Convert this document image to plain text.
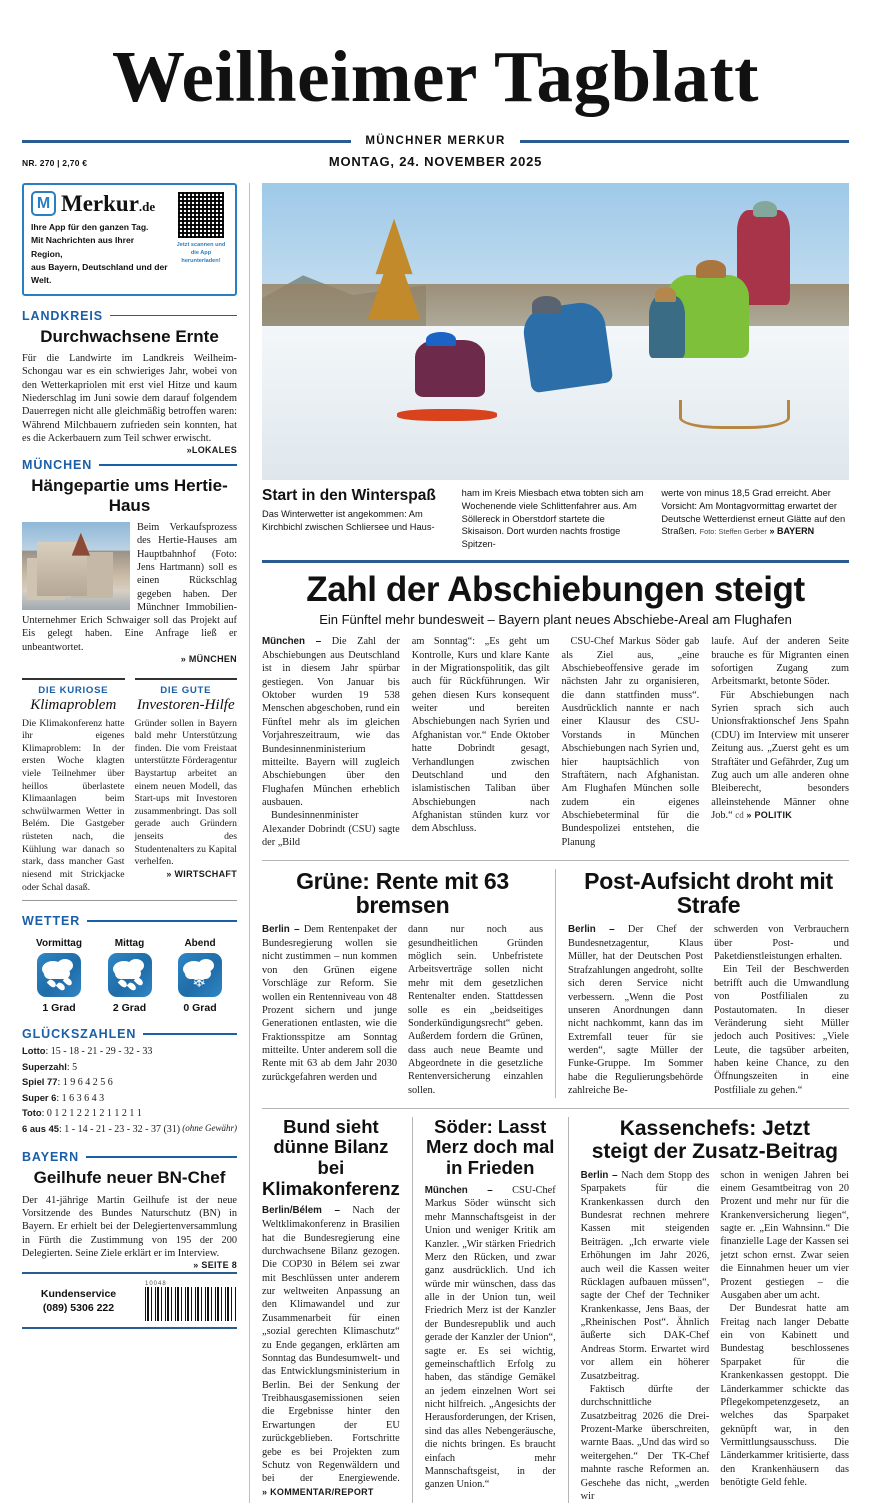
Weilheimer Tagblatt
MÜNCHNER MERKUR
NR. 270 | 2,70 €	MONTAG, 24. NOVEMBER 2025
M Merkur.de
Ihre App für den ganzen Tag.
Mit Nachrichten aus Ihrer Region,
aus Bayern, Deutschland und der Welt.
Jetzt scannen und die App herunterladen!
LANDKREIS
Durchwachsene Ernte

Für die Landwirte im Landkreis Weilheim-Schongau war es ein schwieriges Jahr, wobei von den Wetterkapriolen mit erst viel Hitze und kaum Niederschlag im Juni sowie dem darauf folgendem Dauerregen nicht alle gleichmäßig betroffen waren: Während Milchbauern zufrieden sein konnten, hat es die Ackerbauern zum Teil schwer erwischt.

»LOKALES
MÜNCHEN
Hängepartie ums Hertie-Haus

Beim Verkaufsprozess des Hertie-Hauses am Hauptbahnhof (Foto: Jens Hartmann) soll es einen Rückschlag gegeben haben. Der Münchner Immobilien-Unternehmer Erich Schwaiger soll das Projekt auf Eis gelegt haben. Eine Anfrage ließ er unbeantwortet.

» MÜNCHEN
DIE KURIOSE
Klimaproblem
Die Klimakonferenz hatte ihr eigenes Klimaproblem: In der ersten Woche klagten viele Teilnehmer über heillos überlastete Klimaanlagen beim schwülwarmen Wetter in Belém. Die Gastgeber rüsteten nach, die Kühlung war danach so stark, dass mancher Gast niesend mit Strickjacke oder Schal dasaß.
DIE GUTE
Investoren-Hilfe
Gründer sollen in Bayern bald mehr Unterstützung finden. Die vom Freistaat unterstützte Förderagentur Baystartup arbeitet an einem neuen Modell, das Start-ups mit Investoren zusammenbringt. Das soll gerade auch Gründern jenseits des Studentenalters zu Kapital verhelfen.
» WIRTSCHAFT
WETTER
Vormittag
1 Grad
Mittag
2 Grad
Abend
❄
0 Grad
GLÜCKSZAHLEN
Lotto: 15 - 18 - 21 - 29 - 32 - 33
Superzahl: 5
Spiel 77: 1 9 6 4 2 5 6
Super 6: 1 6 3 6 4 3
Toto: 0 1 2 1 2 2 1 2 1 1 2 1 1
(ohne Gewähr)
6 aus 45: 1 - 14 - 21 - 23 - 32 - 37 (31)
BAYERN
Geilhufe neuer BN-Chef

Der 41-jährige Martin Geilhufe ist der neue Vorsitzende des Bundes Naturschutz (BN) in Bayern. Er erhielt bei der Delegiertenversammlung in Fürth die Zustimmung von 195 der 200 Delegierten. Seine Ziele erklärt er im Interview.

» SEITE 8
Kundenservice
(089) 5306 222
10048
Start in den Winterspaß
Das Winterwetter ist angekommen: Am Kirchbichl zwischen Schliersee und Haus-
ham im Kreis Miesbach etwa tobten sich am Wochenende viele Schlittenfahrer aus. Am Söllereck in Oberstdorf startete die Skisaison. Dort wurden nachts frostige Spitzen-
werte von minus 18,5 Grad erreicht. Aber Vorsicht: Am Montagvormittag erwartet der Deutsche Wetterdienst erneut Glätte auf den Straßen. Foto: Steffen Gerber » BAYERN
Zahl der Abschiebungen steigt
Ein Fünftel mehr bundesweit – Bayern plant neues Abschiebe-Areal am Flughafen

München – Die Zahl der Abschiebungen aus Deutschland ist in diesem Jahr spürbar gestiegen. Von Januar bis Oktober wurden 19 538 Menschen abgeschoben, rund ein Fünftel mehr als im gleichen Vorjahreszeitraum, wie das Bundesinnenministerium mitteilte. Bayern will zugleich Abschiebungen über den Flughafen München erheblich ausbauen.

Bundesinnenminister Alexander Dobrindt (CSU) sagte der „Bild

am Sonntag“: „Es geht um Kontrolle, Kurs und klare Kante in der Migrationspolitik, das gilt auch für Rückführungen. Wir gehen diesen Kurs konsequent weiter und bereiten Abschiebungen nach Syrien und Afghanistan vor.“ Ende Oktober hatte Dobrindt gesagt, Verhandlungen zwischen Deutschland und den islamistischen Taliban über Abschiebungen nach Afghanistan stünden kurz vor dem Abschluss.

CSU-Chef Markus Söder gab als Ziel aus, „eine Abschiebeoffensive gerade im nächsten Jahr zu organisieren, die dann stattfinden muss“. Ausdrücklich nannte er nach einer Klausur des CSU-Vorstands in München Abschiebungen nach Syrien und, hier hauptsächlich von Straftätern, nach Afghanistan. Am Flughafen München solle zudem ein eigenes Abschiebeterminal für die Bundespolizei entstehen, die Planung

laufe. Auf der anderen Seite brauche es für Migranten einen sofortigen Zugang zum Arbeitsmarkt, betonte Söder.

Für Abschiebungen nach Syrien sprach sich auch Unionsfraktionschef Jens Spahn (CDU) im Interview mit unserer Zeitung aus. „Zuerst geht es um Straftäter und Gefährder, Zug um Zug auch um alle anderen ohne Bleiberecht, besonders alleinstehende Männer ohne Job.“ cd » POLITIK

Grüne: Rente mit 63 bremsen

Berlin – Dem Rentenpaket der Bundesregierung wollen sie nicht zustimmen – nun kommen von den Grünen eigene Vorschläge zur Reform. Sie wollen ein Rentenniveau von 48 Prozent sichern und junge Generationen entlasten, wie die Fraktionsspitze am Sonntag mitteilte. Unter anderem soll die Rente mit 63 ab dem Jahr 2030 zurückgefahren werden und

dann nur noch aus gesundheitlichen Gründen möglich sein. Unbefristete Arbeitsverträge sollen nicht mehr mit dem gesetzlichen Rentenalter enden. Stattdessen solle es ein „beidseitiges Sonderkündigungsrecht“ geben. Außerdem fordern die Grünen, dass auch neue Beamte und Abgeordnete in die gesetzliche Rentenversicherung einzahlen sollen.

Post-Aufsicht droht mit Strafe

Berlin – Der Chef der Bundesnetzagentur, Klaus Müller, hat der Deutschen Post Strafzahlungen angedroht, sollte sich deren Service nicht verbessern. „Wenn die Post unseren Anordnungen dann nicht nachkommt, kann das im Extremfall teuer für sie werden“, sagte Müller der Funke-Gruppe. Im Sommer habe die Regulierungsbehörde zahlreiche Be-

schwerden von Verbrauchern über Post- und Paketdienstleistungen erhalten.

Ein Teil der Beschwerden betrifft auch die Umwandlung von Postfilialen zu Postautomaten. In dieser Veränderung sieht Müller jedoch auch Positives: „Viele Leute, die tagsüber arbeiten, haben keine Chance, zu den Öffnungszeiten in eine Postfiliale zu gehen.“

Bund sieht
dünne Bilanz bei
Klimakonferenz

Berlin/Bélem – Nach der Weltklimakonferenz in Brasilien hat die Bundesregierung eine durchwachsene Bilanz gezogen. Die COP30 in Bélem sei zwar mit Beschlüssen unter anderem zur weltweiten Anpassung an den Klimawandel und zur Zusammenarbeit für einen „sozial gerechten Klimaschutz“ zu Ende gegangen, erklärten am Sonntag das Bundesumwelt- und das Entwicklungsministerium in Berlin. Bei der Senkung der Treibhausgasemissionen seien die Ergebnisse hinter den Erwartungen der EU zurückgeblieben. Fortschritte gebe es bei Projekten zum Schutz von Regenwäldern und bei der Energiewende. » KOMMENTAR/REPORT

Söder: Lasst
Merz doch mal
in Frieden

München – CSU-Chef Markus Söder wünscht sich mehr Mannschaftsgeist in der Union und weniger Kritik am Kanzler. „Wir stärken Friedrich Merz den Rücken, und zwar ganz ausdrücklich. Und ich würde mir wünschen, dass das alle in der Union tun, weil Friedrich Merz ist der Kanzler der Bundesrepublik und auch gerade der Kanzler der Union“, sagte er. Es sei wichtig, gemeinschaftlich Erfolg zu haben, das ständige Gemäkel an jedem einzelnen Wort sei nicht hilfreich. „Angesichts der Herausforderungen, der Krisen, sind das alles Nebengeräusche, die nichts bringen. Es braucht einfach mehr Mannschaftsgeist, in der ganzen Union.“

Kassenchefs: Jetzt
steigt der Zusatz-Beitrag

Berlin – Nach dem Stopp des Sparpakets für die Krankenkassen durch den Bundesrat rechnen mehrere Kassen mit steigenden Beiträgen. „Ich erwarte viele Erhöhungen im Jahr 2026, auch weil die Kassen weiter Rücklagen aufbauen müssen“, sagte der Chef der Techniker Krankenkasse, Jens Baas, der „Rheinischen Post“. Ähnlich äußerte sich DAK-Chef Andreas Storm. Erwartet wird vor allem ein höherer Zusatzbeitrag.

Faktisch dürfte der durchschnittliche Zusatzbeitrag 2026 die Drei-Prozent-Marke überschreiten, warnte Baas. „Und das wird so weitergehen.“ Der TK-Chef mahnte rasche Reformen an. Geschehe das nicht, „werden wir

schon in wenigen Jahren bei einem Gesamtbeitrag von 20 Prozent und mehr nur für die Krankenversicherung liegen“, sagte er. „Ein Wahnsinn.“ Die finanzielle Lage der Kassen sei jetzt schon ernst. Zwar seien die Einnahmen heuer um vier Prozent gestiegen – die Ausgaben aber um acht.

Der Bundesrat hatte am Freitag nach langer Debatte ein von Kabinett und Bundestag beschlossenes Sparpaket für die Krankenkassen gestoppt. Die Länderkammer schickte das Pflegekompetenzgesetz, an welches das Sparpaket geknüpft war, in den Vermittlungsausschuss. Die Länderkammer kritisierte, dass den Krankenhäusern das benötigte Geld fehle.
